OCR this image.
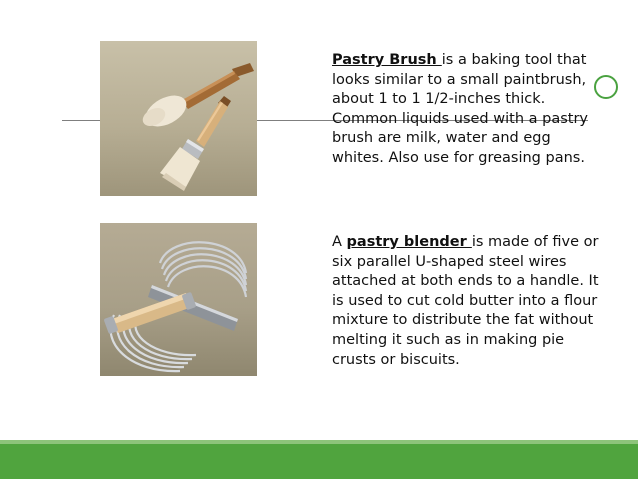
Pastry Brush is a baking tool that looks similar to a small paintbrush, about 1 to 1 1/2-inches thick. Common liquids used with a pastry brush are milk, water and egg whites. Also use for greasing pans.
A pastry blender is made of five or six parallel U-shaped steel wires attached at both ends to a handle. It is used to cut cold butter into a flour mixture to distribute the fat without melting it such as in making pie crusts or biscuits.
